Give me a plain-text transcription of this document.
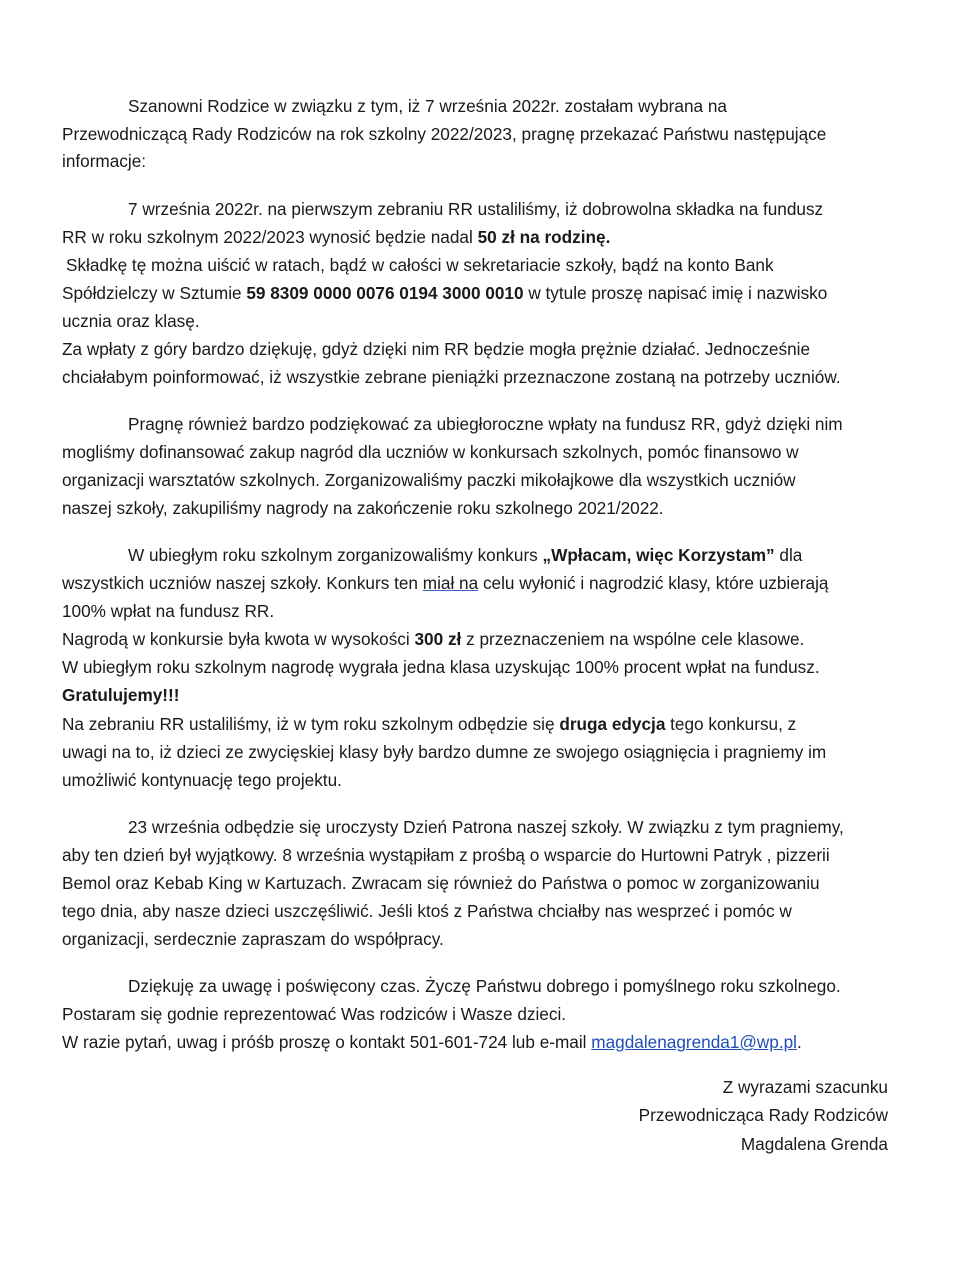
Szanowni Rodzice w związku z tym, iż 7 września 2022r. zostałam wybrana na
Przewodniczącą Rady Rodziców na rok szkolny 2022/2023, pragnę przekazać Państwu następujące
informacje:
7 września 2022r. na pierwszym zebraniu RR ustaliliśmy, iż dobrowolna składka na fundusz
RR w roku szkolnym 2022/2023 wynosić będzie nadal 50 zł na rodzinę.
Składkę tę można uiścić w ratach, bądź w całości w sekretariacie szkoły, bądź na konto Bank
Spółdzielczy w Sztumie 59 8309 0000 0076 0194 3000 0010 w tytule proszę napisać imię i nazwisko
ucznia oraz klasę.
Za wpłaty z góry bardzo dziękuję, gdyż dzięki nim RR będzie mogła prężnie działać. Jednocześnie
chciałabym poinformować, iż wszystkie zebrane pieniążki przeznaczone zostaną na potrzeby uczniów.
Pragnę również bardzo podziękować za ubiegłoroczne wpłaty na fundusz RR, gdyż dzięki nim
mogliśmy dofinansować zakup nagród dla uczniów w konkursach szkolnych, pomóc finansowo w
organizacji warsztatów szkolnych. Zorganizowaliśmy paczki mikołajkowe dla wszystkich uczniów
naszej szkoły, zakupiliśmy nagrody na zakończenie roku szkolnego 2021/2022.
W ubiegłym roku szkolnym zorganizowaliśmy konkurs „Wpłacam, więc Korzystam” dla
wszystkich uczniów naszej szkoły. Konkurs ten miał na celu wyłonić i nagrodzić klasy, które uzbierają
100% wpłat na fundusz RR.
Nagrodą w konkursie była kwota w wysokości 300 zł z przeznaczeniem na wspólne cele klasowe.
W ubiegłym roku szkolnym nagrodę wygrała jedna klasa uzyskując 100% procent wpłat na fundusz.
Gratulujemy!!!
Na zebraniu RR ustaliliśmy, iż w tym roku szkolnym odbędzie się druga edycja tego konkursu, z
uwagi na to, iż dzieci ze zwycięskiej klasy były bardzo dumne ze swojego osiągnięcia i pragniemy im
umożliwić kontynuację tego projektu.
23 września odbędzie się uroczysty Dzień Patrona naszej szkoły. W związku z tym pragniemy,
aby ten dzień był wyjątkowy. 8 września wystąpiłam z prośbą o wsparcie do Hurtowni Patryk , pizzerii
Bemol oraz Kebab King w Kartuzach. Zwracam się również do Państwa o pomoc w zorganizowaniu
tego dnia, aby nasze dzieci uszczęśliwić. Jeśli ktoś z Państwa chciałby nas wesprzeć i pomóc w
organizacji, serdecznie zapraszam do współpracy.
Dziękuję za uwagę i poświęcony czas. Życzę Państwu dobrego i pomyślnego roku szkolnego.
Postaram się godnie reprezentować Was rodziców i Wasze dzieci.
W razie pytań, uwag i próśb proszę o kontakt 501-601-724 lub e-mail magdalenagrenda1@wp.pl.
Z wyrazami szacunku
Przewodnicząca Rady Rodziców
Magdalena Grenda
